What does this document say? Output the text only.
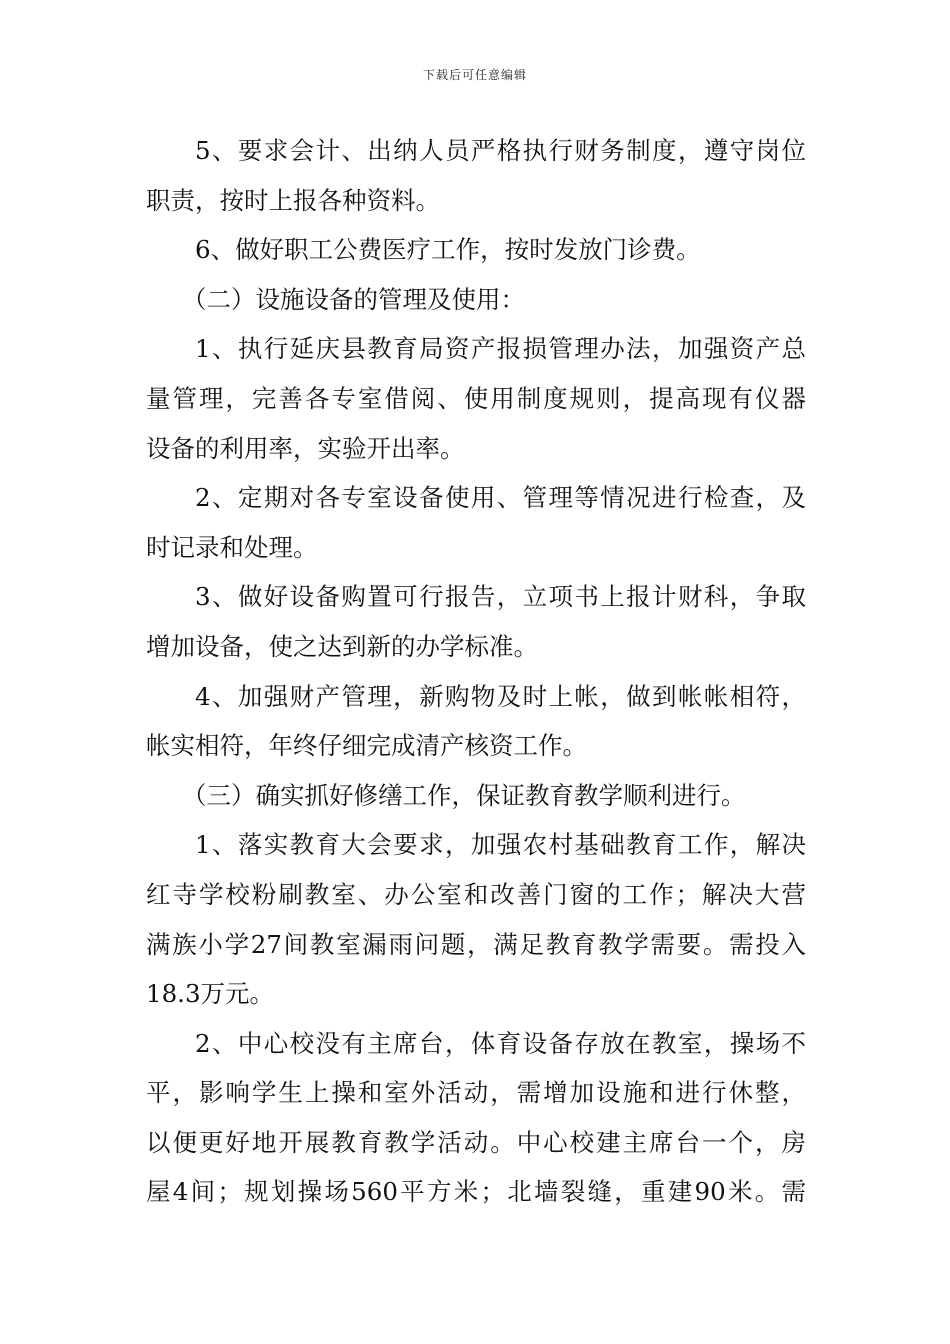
下载后可任意编辑
5、要求会计、出纳人员严格执行财务制度，遵守岗位
职责，按时上报各种资料。
6、做好职工公费医疗工作，按时发放门诊费。
（二）设施设备的管理及使用：
1、执行延庆县教育局资产报损管理办法，加强资产总
量管理，完善各专室借阅、使用制度规则，提高现有仪器
设备的利用率，实验开出率。
2、定期对各专室设备使用、管理等情况进行检查，及
时记录和处理。
3、做好设备购置可行报告，立项书上报计财科，争取
增加设备，使之达到新的办学标准。
4、加强财产管理，新购物及时上帐，做到帐帐相符，
帐实相符，年终仔细完成清产核资工作。
（三）确实抓好修缮工作，保证教育教学顺利进行。
1、落实教育大会要求，加强农村基础教育工作，解决
红寺学校粉刷教室、办公室和改善门窗的工作；解决大营
满族小学27间教室漏雨问题，满足教育教学需要。需投入
18.3万元。
2、中心校没有主席台，体育设备存放在教室，操场不
平，影响学生上操和室外活动，需增加设施和进行休整，
以便更好地开展教育教学活动。中心校建主席台一个，房
屋4间；规划操场560平方米；北墙裂缝，重建90米。需
